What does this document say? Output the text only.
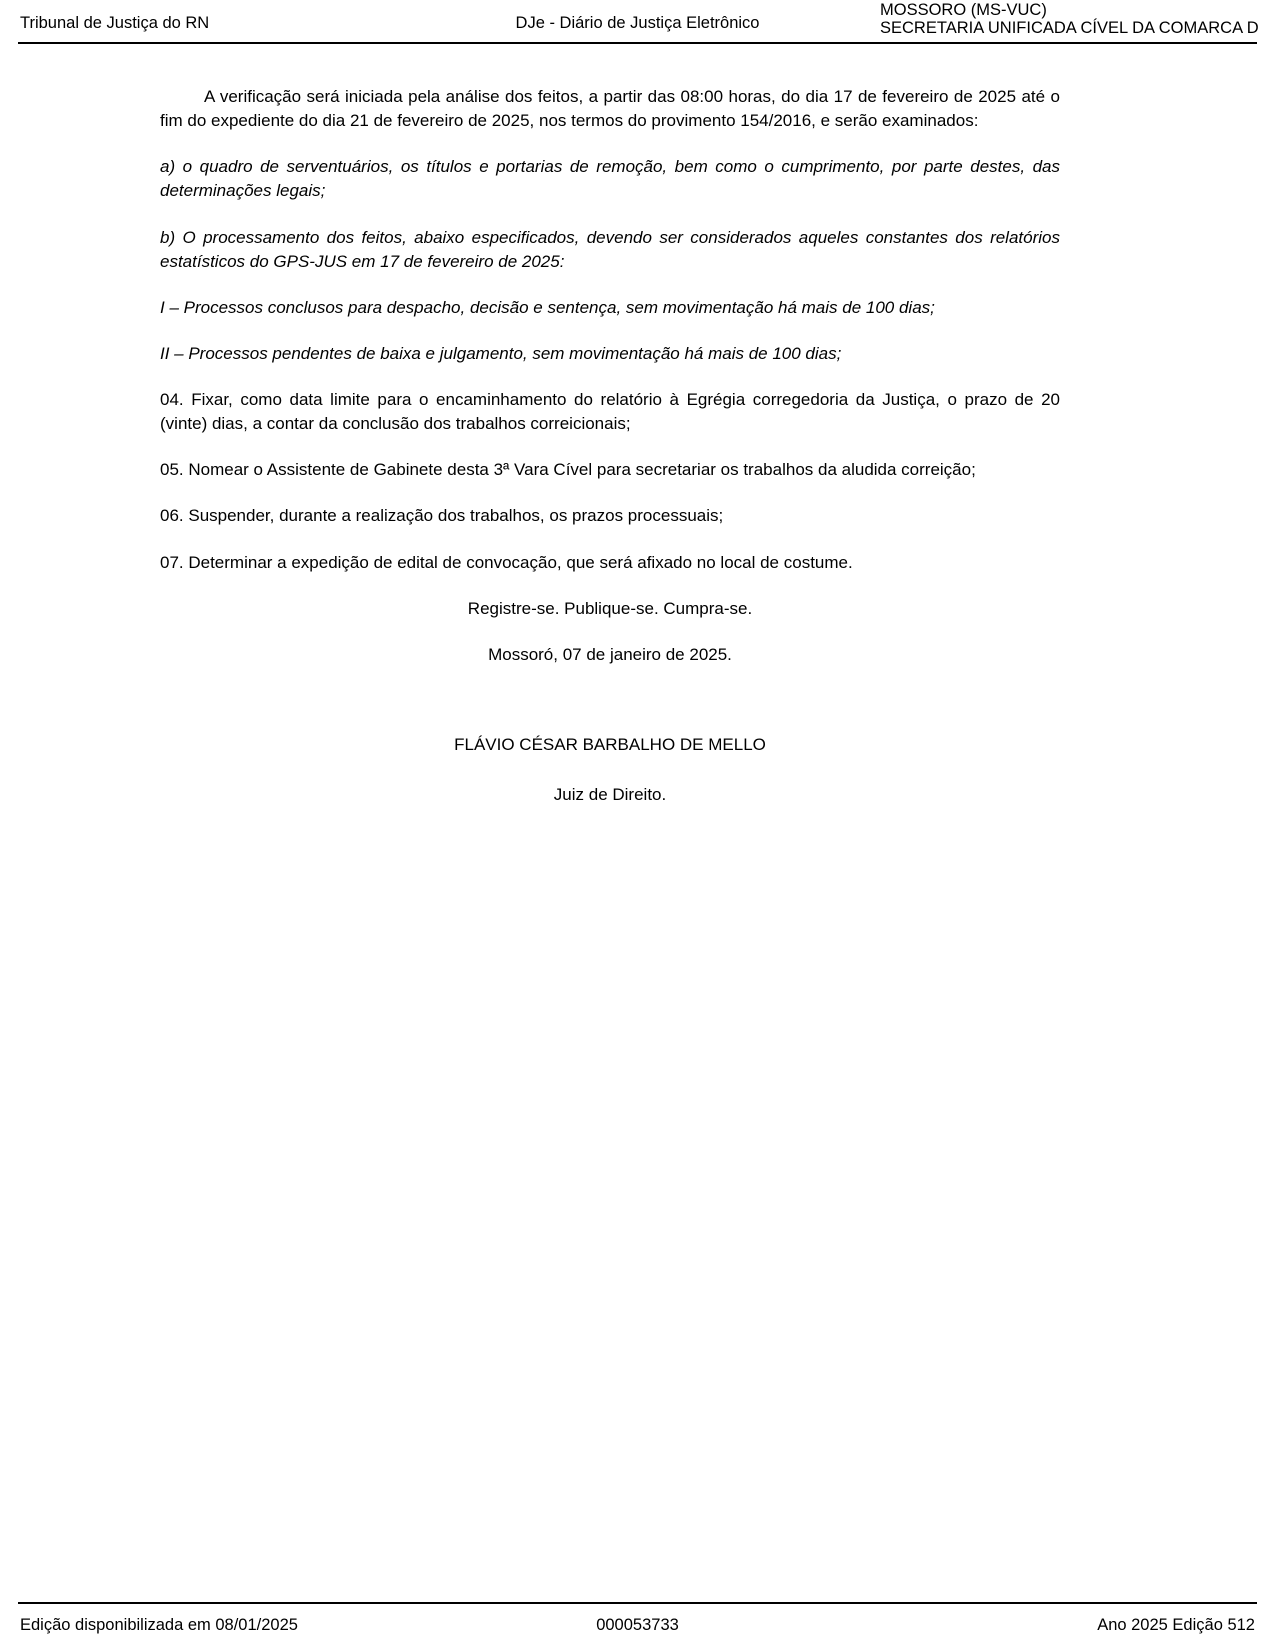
Tribunal de Justiça do RN	DJe - Diário de Justiça Eletrônico
MOSSORO (MS-VUC)
SECRETARIA UNIFICADA CÍVEL DA COMARCA D

A verificação será iniciada pela análise dos feitos, a partir das 08:00 horas, do dia 17 de fevereiro de 2025 até o fim do expediente do dia 21 de fevereiro de 2025, nos termos do provimento 154/2016, e serão examinados:

a) o quadro de serventuários, os títulos e portarias de remoção, bem como o cumprimento, por parte destes, das determinações legais;

b) O processamento dos feitos, abaixo especificados, devendo ser considerados aqueles constantes dos relatórios estatísticos do GPS-JUS em 17 de fevereiro de 2025:

I – Processos conclusos para despacho, decisão e sentença, sem movimentação há mais de 100 dias;

II – Processos pendentes de baixa e julgamento, sem movimentação há mais de 100 dias;

04. Fixar, como data limite para o encaminhamento do relatório à Egrégia corregedoria da Justiça, o prazo de 20 (vinte) dias, a contar da conclusão dos trabalhos correicionais;

05. Nomear o Assistente de Gabinete desta 3ª Vara Cível para secretariar os trabalhos da aludida correição;

06. Suspender, durante a realização dos trabalhos, os prazos processuais;

07. Determinar a expedição de edital de convocação, que será afixado no local de costume.

Registre-se. Publique-se. Cumpra-se.

Mossoró, 07 de janeiro de 2025.

FLÁVIO CÉSAR BARBALHO DE MELLO

Juiz de Direito.

Edição disponibilizada em 08/01/2025	000053733	Ano 2025 Edição 512
